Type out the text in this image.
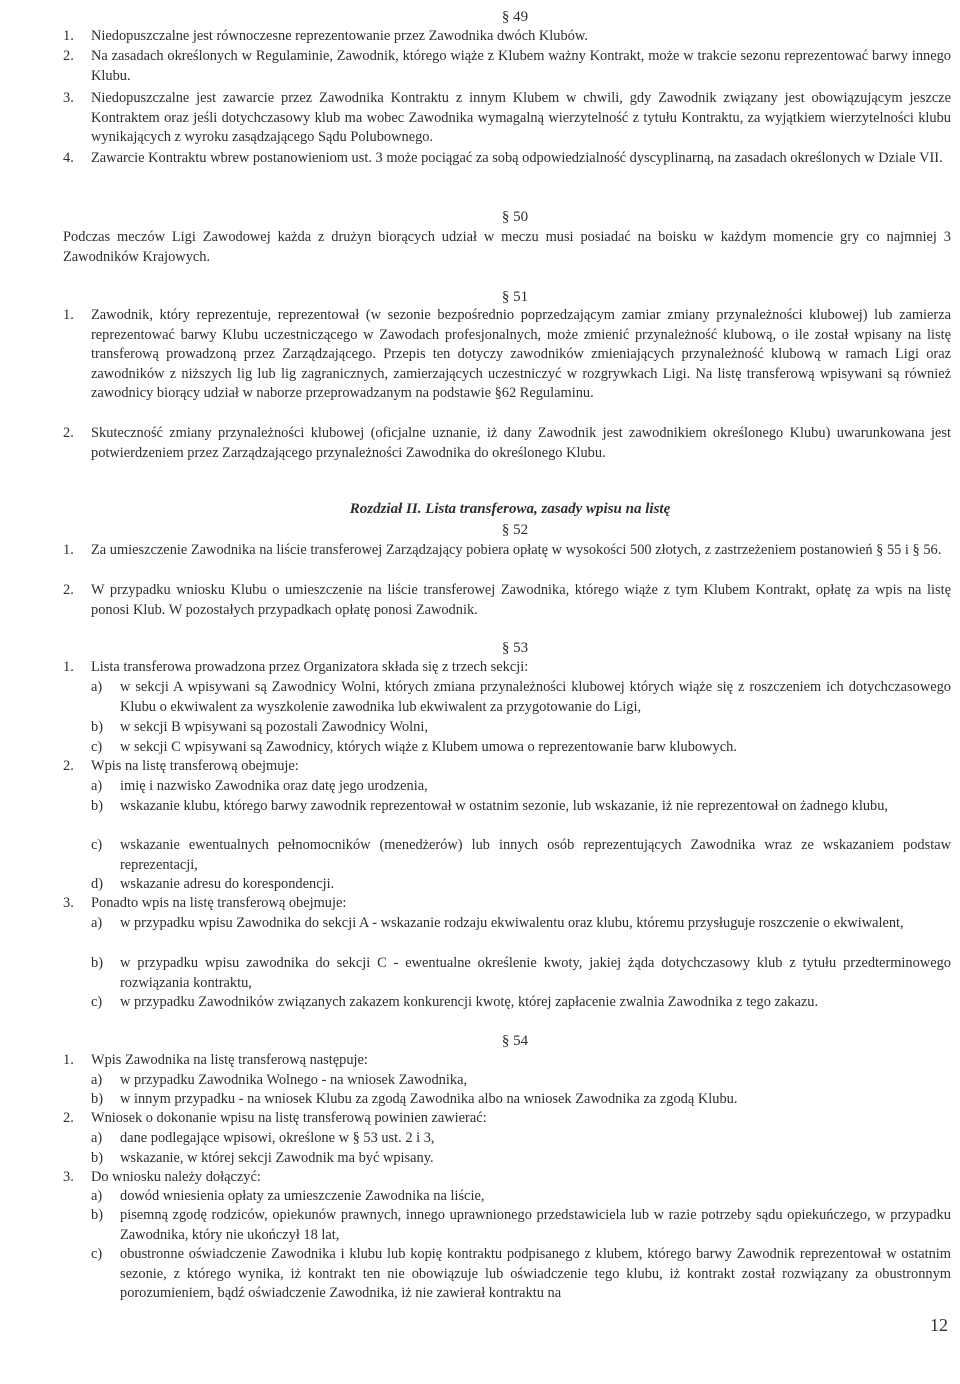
§ 49
1. Niedopuszczalne jest równoczesne reprezentowanie przez Zawodnika dwóch Klubów.
2. Na zasadach określonych w Regulaminie, Zawodnik, którego wiąże z Klubem ważny Kontrakt, może w trakcie sezonu reprezentować barwy innego Klubu.
3. Niedopuszczalne jest zawarcie przez Zawodnika Kontraktu z innym Klubem w chwili, gdy Zawodnik związany jest obowiązującym jeszcze Kontraktem oraz jeśli dotychczasowy klub ma wobec Zawodnika wymagalną wierzytelność z tytułu Kontraktu, za wyjątkiem wierzytelności klubu wynikających z wyroku zasądzającego Sądu Polubownego.
4. Zawarcie Kontraktu wbrew postanowieniom ust. 3 może pociągać za sobą odpowiedzialność dyscyplinarną, na zasadach określonych w Dziale VII.
§ 50
Podczas meczów Ligi Zawodowej każda z drużyn biorących udział w meczu musi posiadać na boisku w każdym momencie gry co najmniej 3 Zawodników Krajowych.
§ 51
1. Zawodnik, który reprezentuje, reprezentował (w sezonie bezpośrednio poprzedzającym zamiar zmiany przynależności klubowej) lub zamierza reprezentować barwy Klubu uczestniczącego w Zawodach profesjonalnych, może zmienić przynależność klubową, o ile został wpisany na listę transferową prowadzoną przez Zarządzającego. Przepis ten dotyczy zawodników zmieniających przynależność klubową w ramach Ligi oraz zawodników z niższych lig lub lig zagranicznych, zamierzających uczestniczyć w rozgrywkach Ligi. Na listę transferową wpisywani są również zawodnicy biorący udział w naborze przeprowadzanym na podstawie §62 Regulaminu.
2. Skuteczność zmiany przynależności klubowej (oficjalne uznanie, iż dany Zawodnik jest zawodnikiem określonego Klubu) uwarunkowana jest potwierdzeniem przez Zarządzającego przynależności Zawodnika do określonego Klubu.
Rozdział II. Lista transferowa, zasady wpisu na listę
§ 52
1. Za umieszczenie Zawodnika na liście transferowej Zarządzający pobiera opłatę w wysokości 500 złotych, z zastrzeżeniem postanowień § 55 i § 56.
2. W przypadku wniosku Klubu o umieszczenie na liście transferowej Zawodnika, którego wiąże z tym Klubem Kontrakt, opłatę za wpis na listę ponosi Klub. W pozostałych przypadkach opłatę ponosi Zawodnik.
§ 53
1. Lista transferowa prowadzona przez Organizatora składa się z trzech sekcji:
a) w sekcji A wpisywani są Zawodnicy Wolni, których zmiana przynależności klubowej których wiąże się z roszczeniem ich dotychczasowego Klubu o ekwiwalent za wyszkolenie zawodnika lub ekwiwalent za przygotowanie do Ligi,
b) w sekcji B wpisywani są pozostali Zawodnicy Wolni,
c) w sekcji C wpisywani są Zawodnicy, których wiąże z Klubem umowa o reprezentowanie barw klubowych.
2. Wpis na listę transferową obejmuje:
a) imię i nazwisko Zawodnika oraz datę jego urodzenia,
b) wskazanie klubu, którego barwy zawodnik reprezentował w ostatnim sezonie, lub wskazanie, iż nie reprezentował on żadnego klubu,
c) wskazanie ewentualnych pełnomocników (menedżerów) lub innych osób reprezentujących Zawodnika wraz ze wskazaniem podstaw reprezentacji,
d) wskazanie adresu do korespondencji.
3. Ponadto wpis na listę transferową obejmuje:
a) w przypadku wpisu Zawodnika do sekcji A - wskazanie rodzaju ekwiwalentu oraz klubu, któremu przysługuje roszczenie o ekwiwalent,
b) w przypadku wpisu zawodnika do sekcji C - ewentualne określenie kwoty, jakiej żąda dotychczasowy klub z tytułu przedterminowego rozwiązania kontraktu,
c) w przypadku Zawodników związanych zakazem konkurencji kwotę, której zapłacenie zwalnia Zawodnika z tego zakazu.
§ 54
1. Wpis Zawodnika na listę transferową następuje:
a) w przypadku Zawodnika Wolnego - na wniosek Zawodnika,
b) w innym przypadku - na wniosek Klubu za zgodą Zawodnika albo na wniosek Zawodnika za zgodą Klubu.
2. Wniosek o dokonanie wpisu na listę transferową powinien zawierać:
a) dane podlegające wpisowi, określone w § 53 ust. 2 i 3,
b) wskazanie, w której sekcji Zawodnik ma być wpisany.
3. Do wniosku należy dołączyć:
a) dowód wniesienia opłaty za umieszczenie Zawodnika na liście,
b) pisemną zgodę rodziców, opiekunów prawnych, innego uprawnionego przedstawiciela lub w razie potrzeby sądu opiekuńczego, w przypadku Zawodnika, który nie ukończył 18 lat,
c) obustronne oświadczenie Zawodnika i klubu lub kopię kontraktu podpisanego z klubem, którego barwy Zawodnik reprezentował w ostatnim sezonie, z którego wynika, iż kontrakt ten nie obowiązuje lub oświadczenie tego klubu, iż kontrakt został rozwiązany za obustronnym porozumieniem, bądź oświadczenie Zawodnika, iż nie zawierał kontraktu na
12
